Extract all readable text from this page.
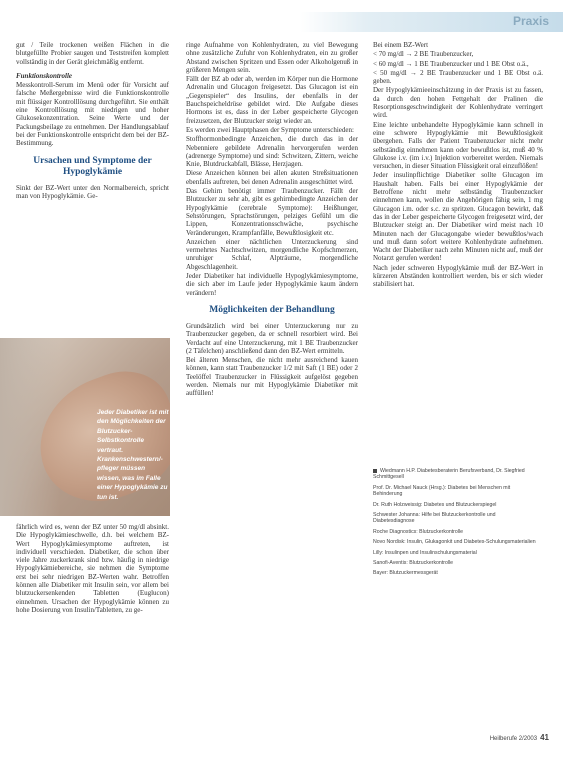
Praxis

gut / Teile trockenen weißen Flächen in die blutgefüllte Probier saugen und Teststreifen komplett vollständig in der Gerät gleichmäßig entfernt.

Funktionskontrolle

Messkontroll-Serum im Menü oder für Vorsicht auf falsche Meßergebnisse wird die Funktionskontrolle mit flüssiger Kontrolllösung durchgeführt. Sie enthält eine Kontrolllösung mit niedrigen und hoher Glukosekonzentration. Seine Werte und der Packungsbeilage zu entnehmen. Der Handlungsablauf bei der Funktionskontrolle entspricht dem bei der BZ-Bestimmung.

Ursachen und Symptome der Hypoglykämie

Sinkt der BZ-Wert unter den Normalbereich, spricht man von Hypoglykämie. Ge-

Jeder Diabetiker ist mit den Möglichkeiten der Blutzucker-Selbstkontrolle vertraut. Krankenschwestern/-pfleger müssen wissen, was im Falle einer Hypoglykämie zu tun ist.

fährlich wird es, wenn der BZ unter 50 mg/dl absinkt. Die Hypoglykämieschwelle, d.h. bei welchem BZ-Wert Hypoglykämiesymptome auftreten, ist individuell verschieden. Diabetiker, die schon über viele Jahre zuckerkrank sind bzw. häufig in niedrige Hypoglykämiebereiche, sie nehmen die Symptome erst bei sehr niedrigen BZ-Werten wahr. Betroffen können alle Diabetiker mit Insulin sein, vor allem bei blutzuckersenkenden Tabletten (Euglucon) einnehmen. Ursachen der Hypoglykämie können zu hohe Dosierung von Insulin/Tabletten, zu ge-

ringe Aufnahme von Kohlenhydraten, zu viel Bewegung ohne zusätzliche Zufuhr von Kohlenhydraten, ein zu großer Abstand zwischen Spritzen und Essen oder Alkoholgenuß in größeren Mengen sein.

Fällt der BZ ab oder ab, werden im Körper nun die Hormone Adrenalin und Glucagon freigesetzt. Das Glucagon ist ein „Gegenspieler“ des Insulins, der ebenfalls in der Bauchspeicheldrüse gebildet wird. Die Aufgabe dieses Hormons ist es, dass in der Leber gespeicherte Glycogen freizusetzen, der Blutzucker steigt wieder an.

Es werden zwei Hauptphasen der Symptome unterschieden:

Stoffhormonbedingte Anzeichen, die durch das in der Nebenniere gebildete Adrenalin hervorgerufen werden (adrenerge Symptome) und sind: Schwitzen, Zittern, weiche Knie, Blutdruckabfall, Blässe, Herzjagen.

Diese Anzeichen können bei allen akuten Streßsituationen ebenfalls auftreten, bei denen Adrenalin ausgeschüttet wird.

Das Gehirn benötigt immer Traubenzucker. Fällt der Blutzucker zu sehr ab, gibt es gehirnbedingte Anzeichen der Hypoglykämie (cerebrale Symptome): Heißhunger, Sehstörungen, Sprachstörungen, pelziges Gefühl um die Lippen, Konzentrationsschwäche, psychische Veränderungen, Krampfanfälle, Bewußtlosigkeit etc.

Anzeichen einer nächtlichen Unterzuckerung sind vermehrtes Nachtschwitzen, morgendliche Kopfschmerzen, unruhiger Schlaf, Alpträume, morgendliche Abgeschlagenheit.

Jeder Diabetiker hat individuelle Hypoglykämiesymptome, die sich aber im Laufe jeder Hypoglykämie kaum ändern verändern!

Möglichkeiten der Behandlung

Grundsätzlich wird bei einer Unterzuckerung nur zu Traubenzucker gegeben, da er schnell resorbiert wird. Bei Verdacht auf eine Unterzuckerung, mit 1 BE Traubenzucker (2 Täfelchen) anschließend dann den BZ-Wert ermitteln.

Bei älteren Menschen, die nicht mehr ausreichend kauen können, kann statt Traubenzucker 1/2 mit Saft (1 BE) oder 2 Teelöffel Traubenzucker in Flüssigkeit aufgelöst gegeben werden. Niemals nur mit Hypoglykämie Diabetiker mit auffüllen!

Bei einem BZ-Wert

< 70 mg/dl → 2 BE Traubenzucker,

< 60 mg/dl → 1 BE Traubenzucker und 1 BE Obst o.ä.,

< 50 mg/dl → 2 BE Traubenzucker und 1 BE Obst o.ä. geben.

Der Hypoglykämieeinschätzung in der Praxis ist zu fassen, da durch den hohen Fettgehalt der Pralinen die Resorptionsgeschwindigkeit der Kohlenhydrate verringert wird.

Eine leichte unbehandelte Hypoglykämie kann schnell in eine schwere Hypoglykämie mit Bewußtlosigkeit übergehen. Falls der Patient Traubenzucker nicht mehr selbständig einnehmen kann oder bewußtlos ist, muß 40 % Glukose i.v. (im i.v.) Injektion vorbereitet werden. Niemals versuchen, in dieser Situation Flüssigkeit oral einzuflößen!

Jeder insulinpflichtige Diabetiker sollte Glucagon im Haushalt haben. Falls bei einer Hypoglykämie der Betroffene nicht mehr selbständig Traubenzucker einnehmen kann, wollen die Angehörigen fähig sein, 1 mg Glucagon i.m. oder s.c. zu spritzen. Glucagon bewirkt, daß das in der Leber gespeicherte Glycogen freigesetzt wird, der Blutzucker steigt an. Der Diabetiker wird meist nach 10 Minuten nach der Glucagongabe wieder bewußtlos/wach und muß dann sofort weitere Kohlenhydrate aufnehmen. Wacht der Diabetiker nach zehn Minuten nicht auf, muß der Notarzt gerufen werden!

Nach jeder schweren Hypoglykämie muß der BZ-Wert in kürzeren Abständen kontrolliert werden, bis er sich wieder stabilisiert hat.

Wiedmann H.P. Diabetesberaterin Berufsverband, Dr. Siegfried Schmittgesell
Prof. Dr. Michael Nauck (Hrsg.): Diabetes bei Menschen mit Behinderung
Dr. Ruth Holzweissig: Diabetes und Blutzuckerspiegel
Schwester Johanna: Hilfe bei Blutzuckerkontrolle und Diabetesdiagnose
Roche Diagnostics: Blutzuckerkontrolle
Novo Nordisk: Insulin, Glukagonkit und Diabetes-Schulungsmaterialien
Lilly: Insulinpen und Insulinschulungsmaterial
Sanofi-Aventis: Blutzuckerkontrolle
Bayer: Blutzuckermessgerät
Heilberufe 2/2003 41
